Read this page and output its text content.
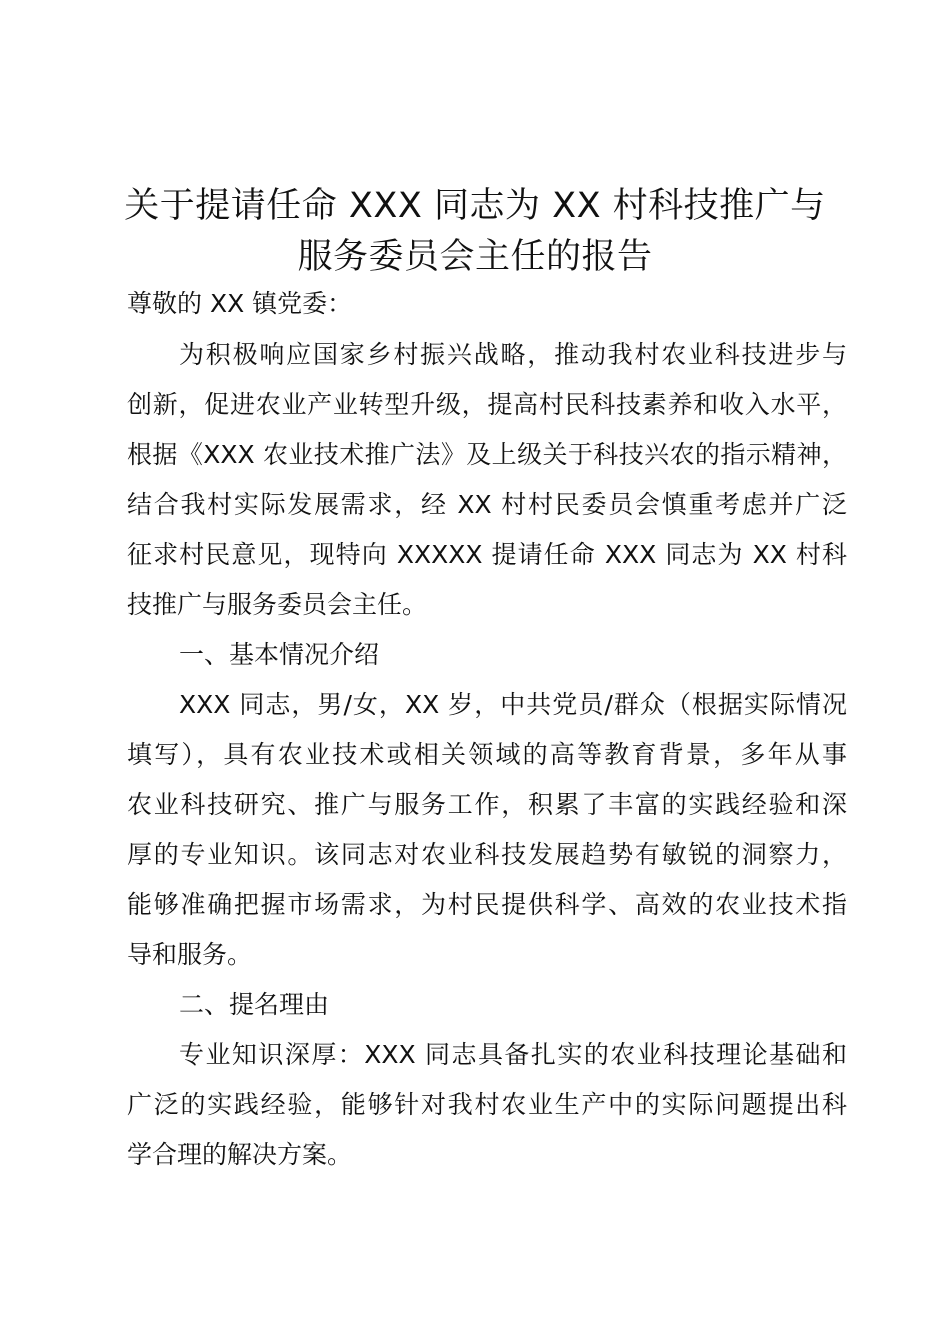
关于提请任命 XXX 同志为 XX 村科技推广与
服务委员会主任的报告
尊敬的 XX 镇党委：
为积极响应国家乡村振兴战略，推动我村农业科技进步与
创新，促进农业产业转型升级，提高村民科技素养和收入水平，
根据《XXX 农业技术推广法》及上级关于科技兴农的指示精神，
结合我村实际发展需求，经 XX 村村民委员会慎重考虑并广泛
征求村民意见，现特向 XXXXX 提请任命 XXX 同志为 XX 村科
技推广与服务委员会主任。
一、基本情况介绍
XXX 同志，男/女，XX 岁，中共党员/群众（根据实际情况
填写），具有农业技术或相关领域的高等教育背景，多年从事
农业科技研究、推广与服务工作，积累了丰富的实践经验和深
厚的专业知识。该同志对农业科技发展趋势有敏锐的洞察力，
能够准确把握市场需求，为村民提供科学、高效的农业技术指
导和服务。
二、提名理由
专业知识深厚：XXX 同志具备扎实的农业科技理论基础和
广泛的实践经验，能够针对我村农业生产中的实际问题提出科
学合理的解决方案。
